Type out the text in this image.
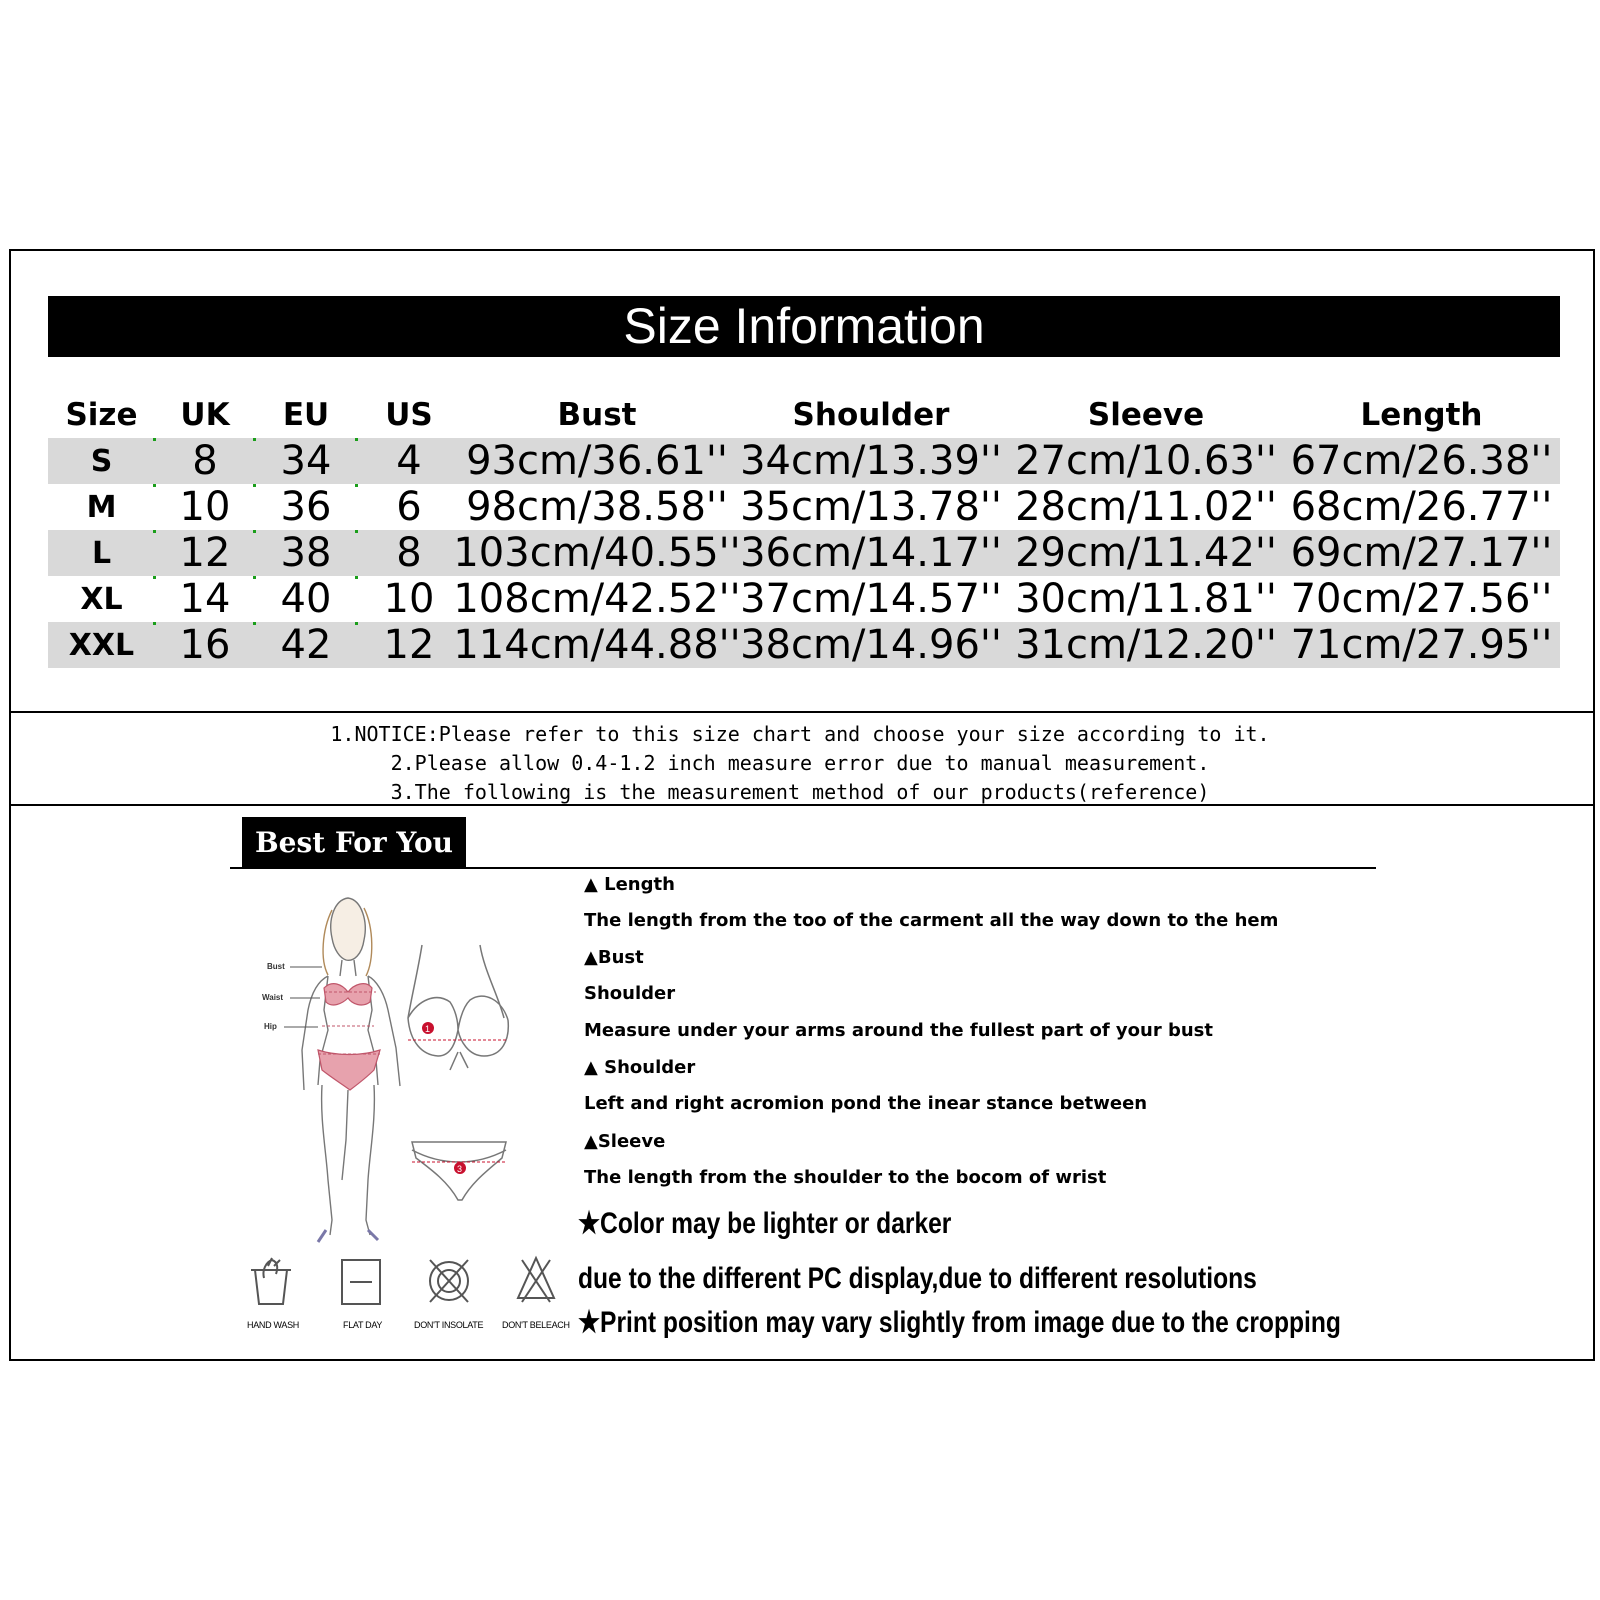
Size Information
Size	UK	EU	US	Bust	Shoulder	Sleeve	Length
S	8 34 4 93cm/36.61'' 34cm/13.39'' 27cm/10.63'' 67cm/26.38''
M	10 36 6 98cm/38.58'' 35cm/13.78'' 28cm/11.02'' 68cm/26.77''
L	12 38 8 103cm/40.55'' 36cm/14.17'' 29cm/11.42'' 69cm/27.17''
XL	14 40 10 108cm/42.52'' 37cm/14.57'' 30cm/11.81'' 70cm/27.56''
XXL	16 42 12 114cm/44.88'' 38cm/14.96'' 31cm/12.20'' 71cm/27.95''
1.NOTICE:Please refer to this size chart and choose your size according to it.
2.Please allow 0.4-1.2 inch measure error due to manual measurement.
3.The following is the measurement method of our products(reference)
Best For You
Bust
Waist
Hip	1
3
▲ Length
The length from the too of the carment all the way down to the hem
▲Bust
Shoulder
Measure under your arms around the fullest part of your bust
▲ Shoulder
Left and right acromion pond the inear stance between
▲Sleeve
The length from the shoulder to the bocom of wrist
★Color may be lighter or darker
due to the different PC display,due to different resolutions
★Print position may vary slightly from image due to the cropping
HAND WASH	FLAT DAY	DON'T INSOLATE DON'T BELEACH
